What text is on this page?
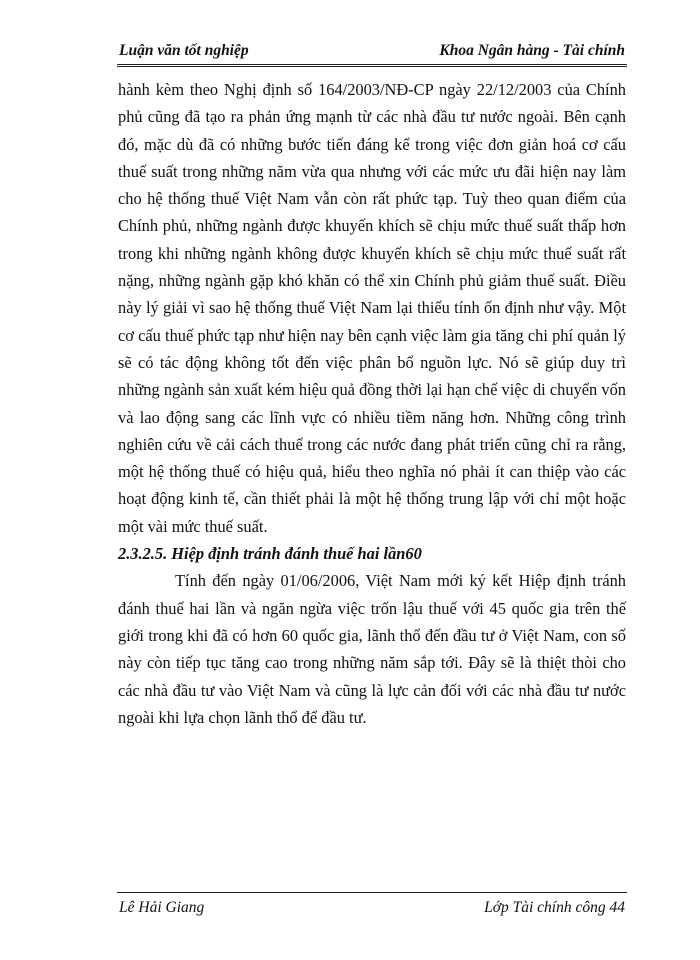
Luận văn tốt nghiệp	Khoa Ngân hàng - Tài chính

hành kèm theo Nghị định số 164/2003/NĐ-CP ngày 22/12/2003 của Chính phủ cũng đã tạo ra phản ứng mạnh từ các nhà đầu tư nước ngoài. Bên cạnh đó, mặc dù đã có những bước tiến đáng kể trong việc đơn giản hoá cơ cấu thuế suất trong những năm vừa qua nhưng với các mức ưu đãi hiện nay làm cho hệ thống thuế Việt Nam vẫn còn rất phức tạp. Tuỳ theo quan điểm của Chính phủ, những ngành được khuyến khích sẽ chịu mức thuế suất thấp hơn trong khi những ngành không được khuyến khích sẽ chịu mức thuế suất rất nặng, những ngành gặp khó khăn có thể xin Chính phủ giảm thuế suất. Điều này lý giải vì sao hệ thống thuế Việt Nam lại thiếu tính ổn định như vậy. Một cơ cấu thuế phức tạp như hiện nay bên cạnh việc làm gia tăng chi phí quản lý sẽ có tác động không tốt đến việc phân bổ nguồn lực. Nó sẽ giúp duy trì những ngành sản xuất kém hiệu quả đồng thời lại hạn chế việc di chuyển vốn và lao động sang các lĩnh vực có nhiều tiềm năng hơn. Những công trình nghiên cứu về cải cách thuế trong các nước đang phát triển cũng chỉ ra rằng, một hệ thống thuế có hiệu quả, hiểu theo nghĩa nó phải ít can thiệp vào các hoạt động kinh tế, cần thiết phải là một hệ thống trung lập với chỉ một hoặc một vài mức thuế suất.

2.3.2.5. Hiệp định tránh đánh thuế hai lần60

Tính đến ngày 01/06/2006, Việt Nam mới ký kết Hiệp định tránh đánh thuế hai lần và ngăn ngừa việc trốn lậu thuế với 45 quốc gia trên thế giới trong khi đã có hơn 60 quốc gia, lãnh thổ đến đầu tư ở Việt Nam, con số này còn tiếp tục tăng cao trong những năm sắp tới. Đây sẽ là thiệt thòi cho các nhà đầu tư vào Việt Nam và cũng là lực cản đối với các nhà đầu tư nước ngoài khi lựa chọn lãnh thổ để đầu tư.

Lê Hải Giang	Lớp Tài chính công 44
